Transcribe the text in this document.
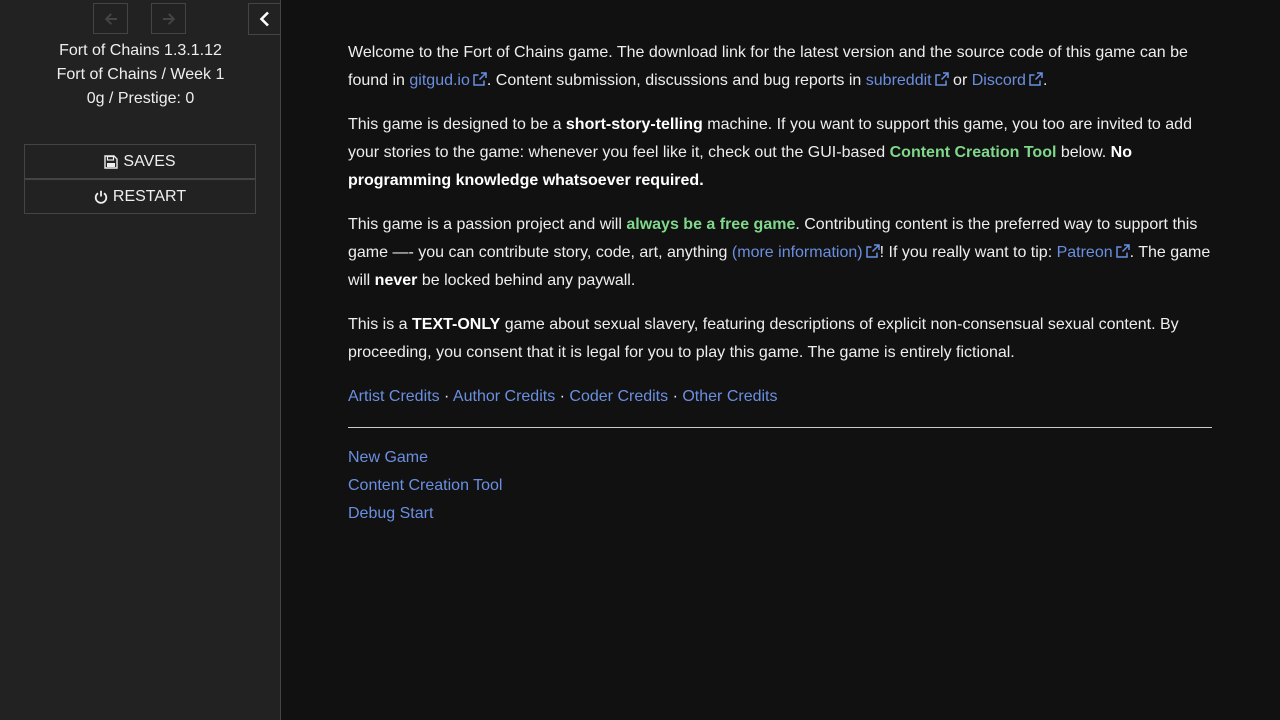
Fort of Chains 1.3.1.12
Fort of Chains / Week 1
0g / Prestige: 0
SAVES
RESTART

Welcome to the Fort of Chains game. The download link for the latest version and the source code of this game can be found in gitgud.io . Content submission, discussions and bug reports in subreddit or Discord .

This game is designed to be a short-story-telling machine. If you want to support this game, you too are invited to add your stories to the game: whenever you feel like it, check out the GUI-based Content Creation Tool below. No programming knowledge whatsoever required.

This game is a passion project and will always be a free game. Contributing content is the preferred way to support this game —- you can contribute story, code, art, anything (more information) ! If you really want to tip: Patreon . The game will never be locked behind any paywall.

This is a TEXT-ONLY game about sexual slavery, featuring descriptions of explicit non-consensual sexual content. By proceeding, you consent that it is legal for you to play this game. The game is entirely fictional.

Artist Credits · Author Credits · Coder Credits · Other Credits

New Game
Content Creation Tool
Debug Start
